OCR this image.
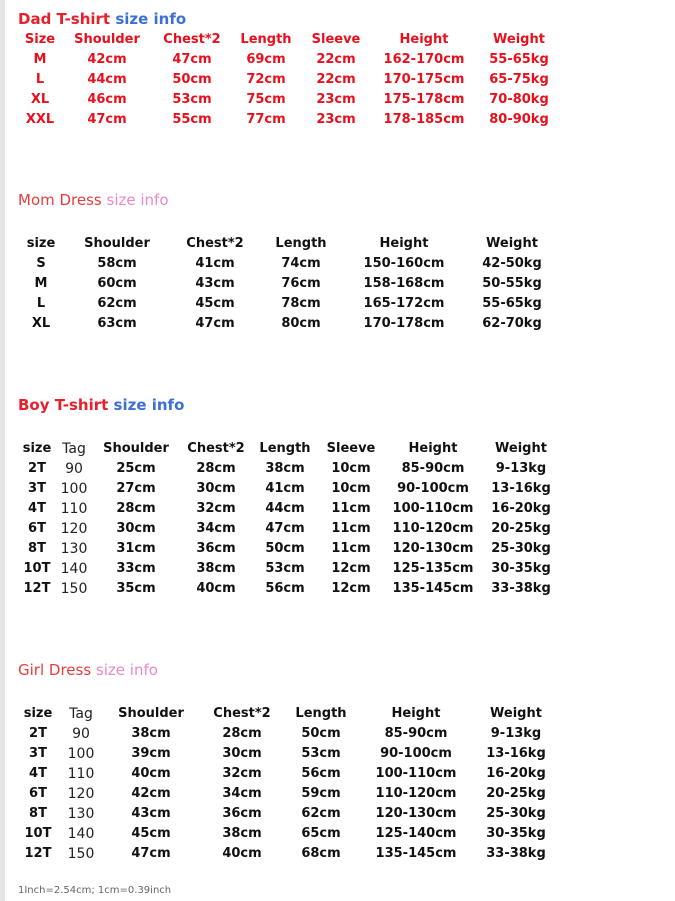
Dad T-shirt size info
Size Shoulder Chest*2 Length Sleeve	Height	Weight
M	42cm	47cm	69cm 22cm 162-170cm 55-65kg
L	44cm	50cm	72cm 22cm 170-175cm 65-75kg
XL	46cm	53cm	75cm 23cm 175-178cm 70-80kg
XXL	47cm	55cm	77cm 23cm 178-185cm 80-90kg
Mom Dress size info
size Shoulder	Chest*2 Length	Height	Weight
S	58cm	41cm	74cm	150-160cm	42-50kg
M	60cm	43cm	76cm	158-168cm	50-55kg
L	62cm	45cm	78cm	165-172cm	55-65kg
XL	63cm	47cm	80cm	170-178cm	62-70kg
Boy T-shirt size info
size Tag Shoulder Chest*2 Length Sleeve	Height	Weight
2T 90	25cm	28cm 38cm 10cm 85-90cm 9-13kg
3T 100 27cm	30cm 41cm 10cm 90-100cm 13-16kg
4T 110 28cm	32cm 44cm 11cm 100-110cm 16-20kg
6T 120 30cm	34cm 47cm 11cm 110-120cm 20-25kg
8T 130 31cm	36cm 50cm 11cm 120-130cm 25-30kg
10T 140 33cm	38cm 53cm 12cm 125-135cm 30-35kg
12T 150 35cm	40cm 56cm 12cm 135-145cm 33-38kg
Girl Dress size info
size Tag Shoulder Chest*2 Length	Height	Weight
2T 90	38cm	28cm	50cm	85-90cm	9-13kg
3T 100	39cm	30cm	53cm	90-100cm	13-16kg
4T 110	40cm	32cm	56cm	100-110cm 16-20kg
6T 120	42cm	34cm	59cm	110-120cm 20-25kg
8T 130	43cm	36cm	62cm	120-130cm 25-30kg
10T 140	45cm	38cm	65cm	125-140cm 30-35kg
12T 150	47cm	40cm	68cm	135-145cm 33-38kg
1Inch=2.54cm; 1cm=0.39inch
